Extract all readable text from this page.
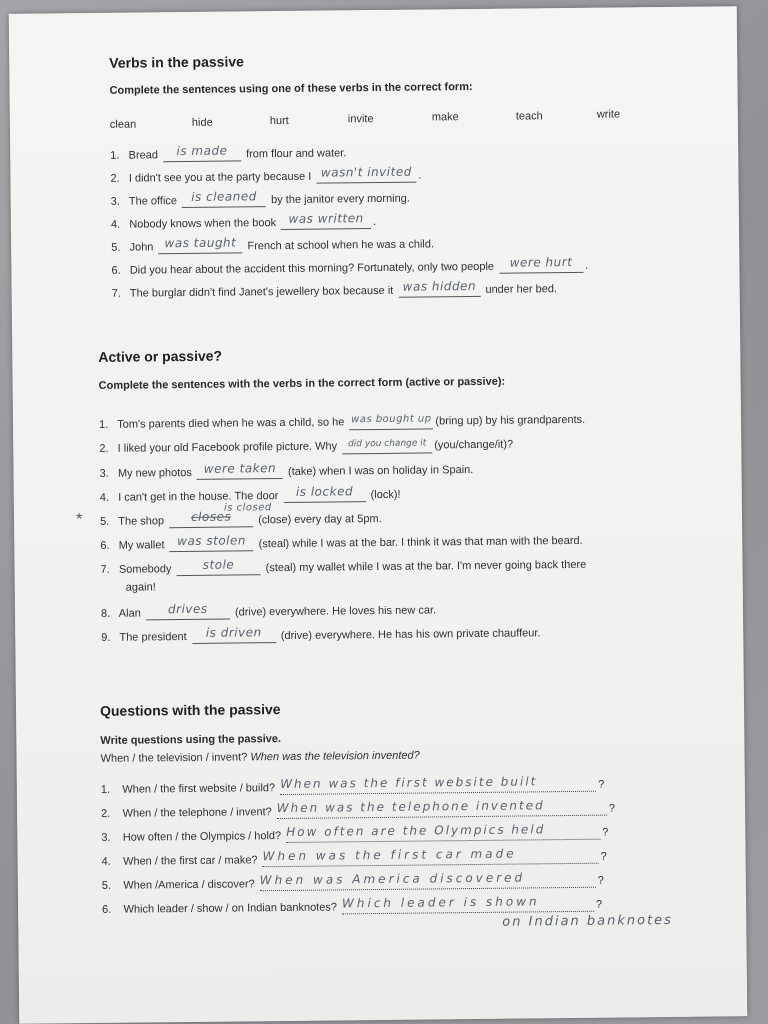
Verbs in the passive
Complete the sentences using one of these verbs in the correct form:
clean	hide	hurt	invite	make	teach	write
1. Bread is made from flour and water.
2. I didn't see you at the party because I wasn't invited .
3. The office is cleaned by the janitor every morning.
4. Nobody knows when the book was written .
5. John was taught French at school when he was a child.
6. Did you hear about the accident this morning? Fortunately, only two people were hurt .
7. The burglar didn't find Janet's jewellery box because it was hidden under her bed.
Active or passive?
Complete the sentences with the verbs in the correct form (active or passive):
1. Tom's parents died when he was a child, so he was bought up (bring up) by his grandparents.
2. I liked your old Facebook profile picture. Why $^{did you change it}$ (you/change/it)?
3. My new photos were taken (take) when I was on holiday in Spain.
4. I can't get in the house. The door is locked (lock)!
*
is closed
5. The shop closes (close) every day at 5pm.
6. My wallet was stolen (steal) while I was at the bar. I think it was that man with the beard.
7. Somebody	stole	(steal) my wallet while I was at the bar. I'm never going back there
again!
8. Alan drives (drive) everywhere. He loves his new car.
9. The president is driven (drive) everywhere. He has his own private chauffeur.
Questions with the passive
Write questions using the passive.
When / the television / invent? When was the television invented?
1. When / the first website / build? When was the first website built	?
2. When / the telephone / invent? When was the telephone invented	?
3. How often / the Olympics / hold? How often are the Olympics held	?
4. When / the first car / make? When was the first car made	?
5. When /America / discover? When was America discovered	?
6. Which leader / show / on Indian banknotes? Which leader is shown	?
on Indian banknotes
